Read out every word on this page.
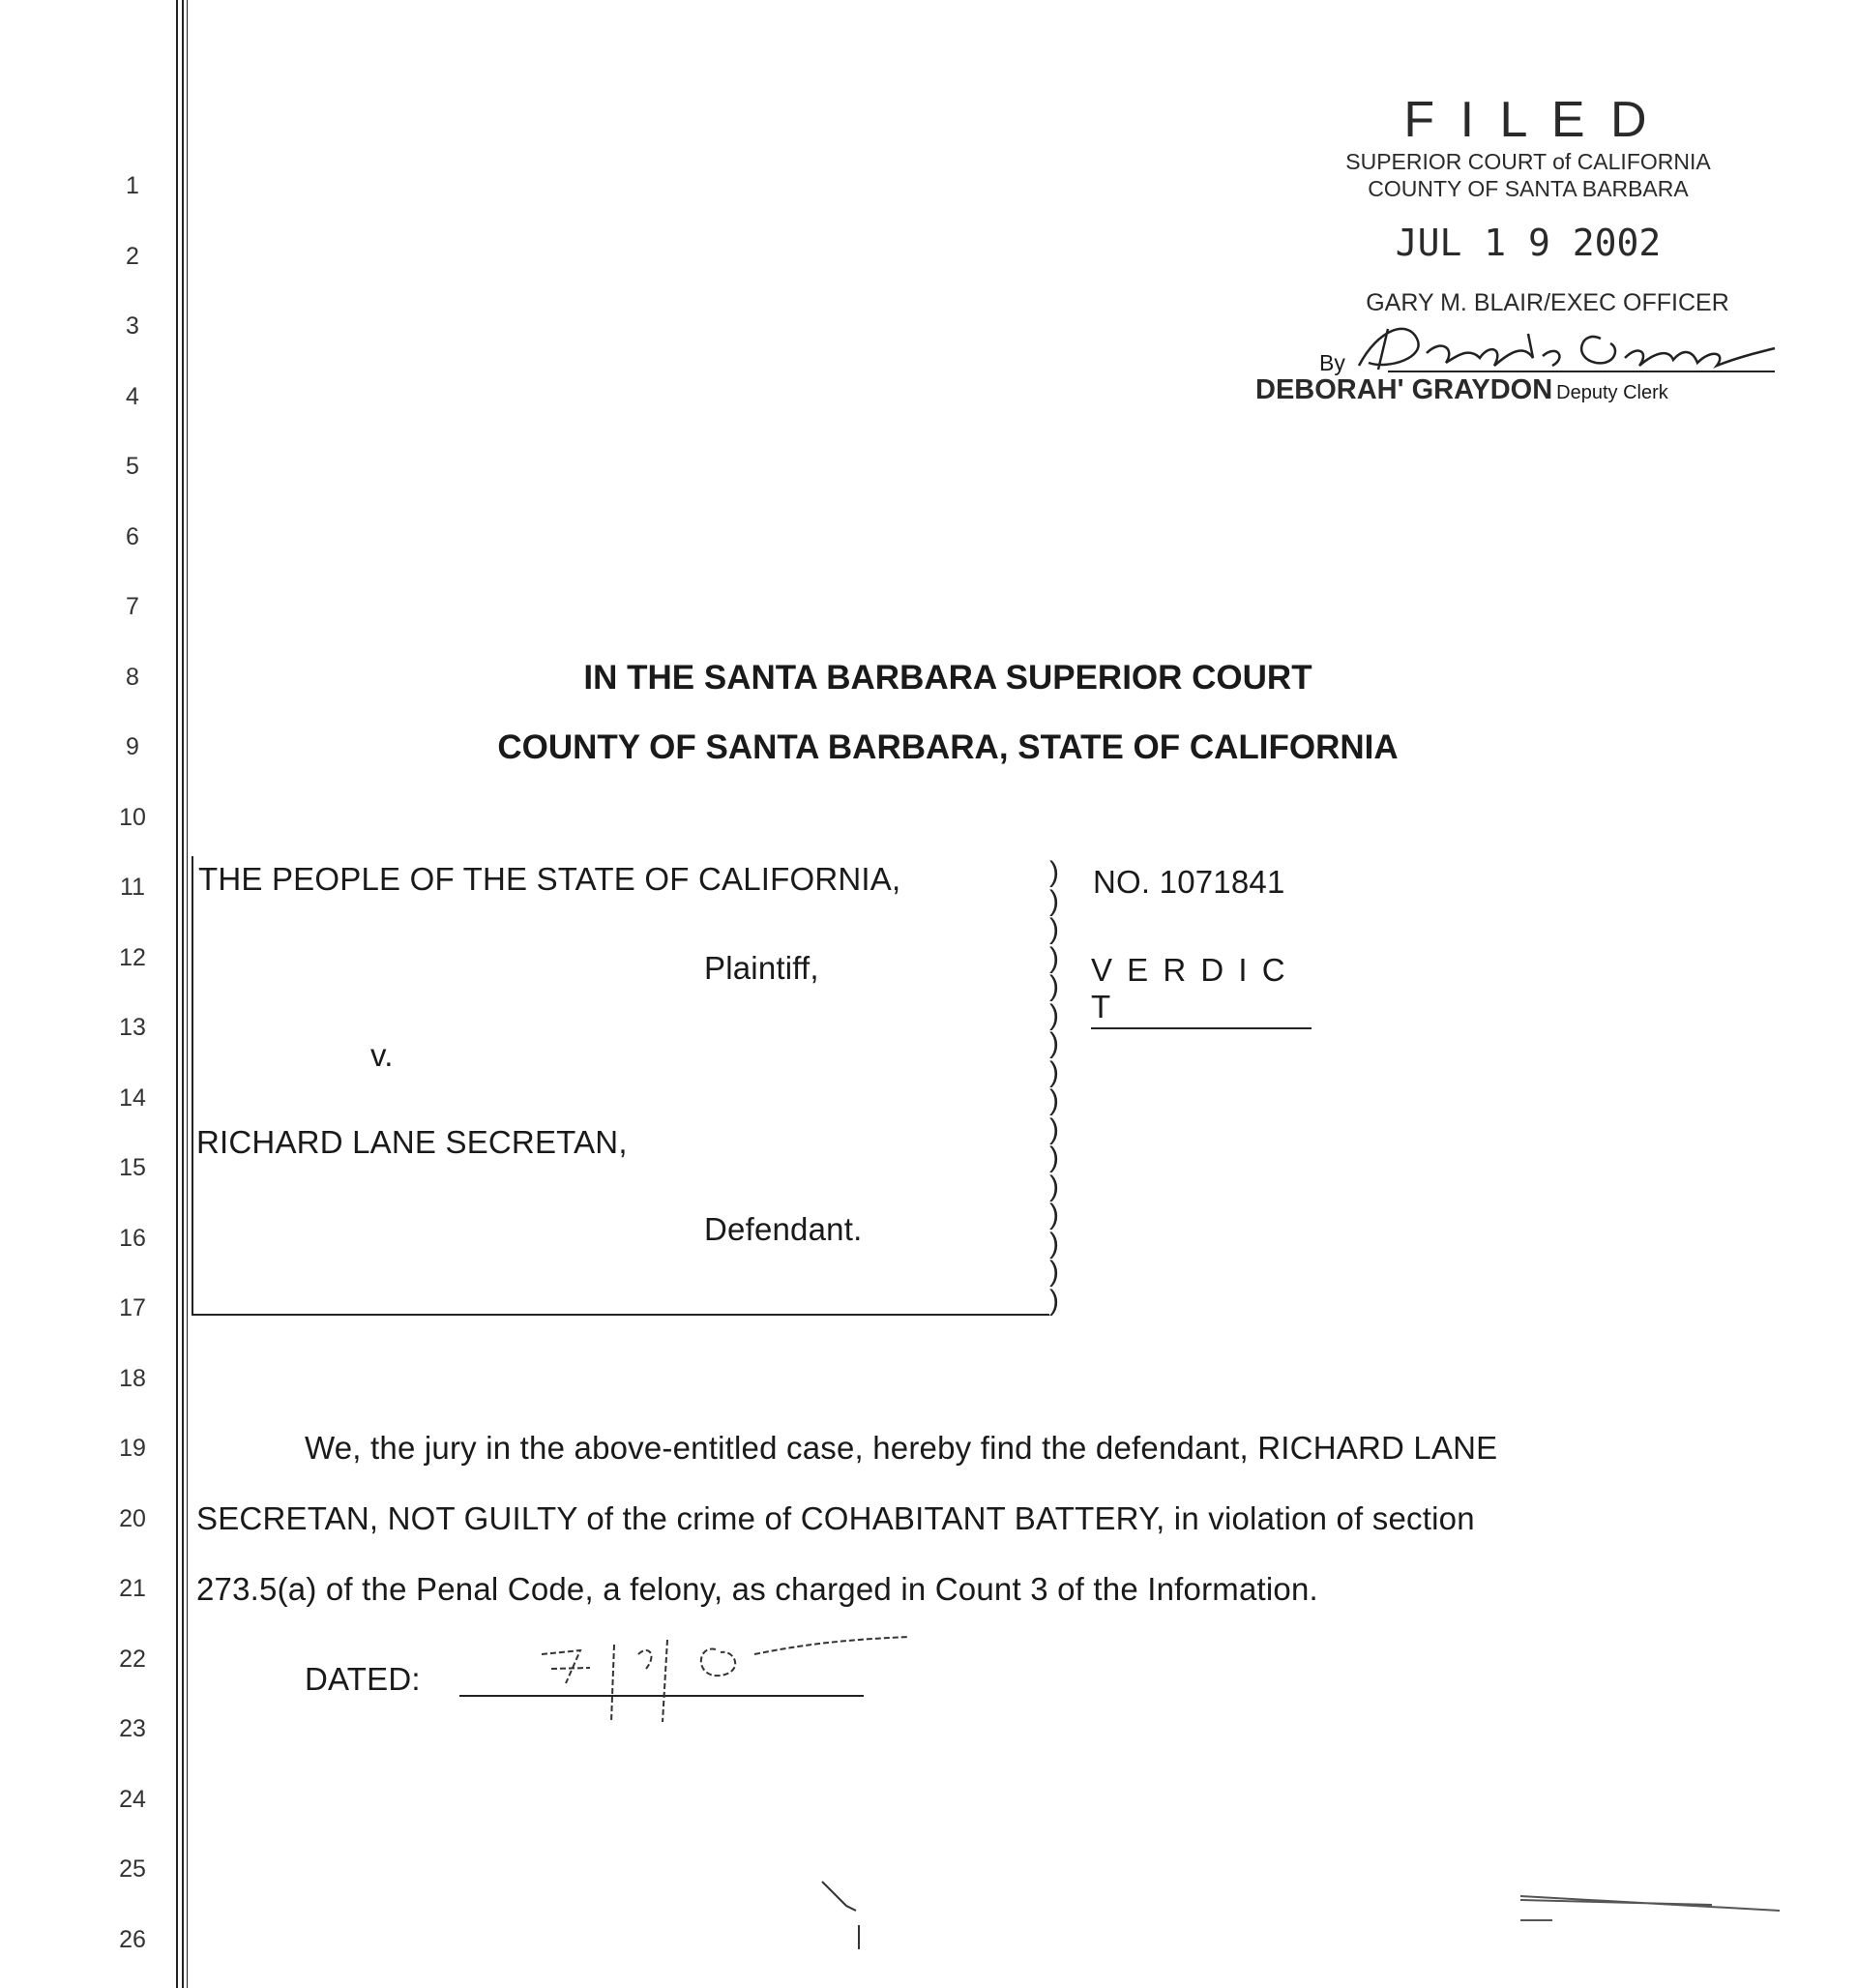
1
2
3
4
5
6
7
8
9
10
11
12
13
14
15
16
17
18
19
20
21
22
23
24
25
26
F I L E D
SUPERIOR COURT of CALIFORNIA
COUNTY OF SANTA BARBARA
JUL 1 9 2002
GARY M. BLAIR/EXEC OFFICER
By
DEBORAH' GRAYDON Deputy Clerk
IN THE SANTA BARBARA SUPERIOR COURT
COUNTY OF SANTA BARBARA, STATE OF CALIFORNIA
THE PEOPLE OF THE STATE OF CALIFORNIA,
Plaintiff,
v.
RICHARD LANE SECRETAN,
Defendant.
)
)
)
)
)
)
)
)
)
)
)
)
)
)
)
)
NO. 1071841
V E R D I C T
We, the jury in the above-entitled case, hereby find the defendant, RICHARD LANE
SECRETAN, NOT GUILTY of the crime of COHABITANT BATTERY, in violation of section
273.5(a) of the Penal Code, a felony, as charged in Count 3 of the Information.
DATED:
